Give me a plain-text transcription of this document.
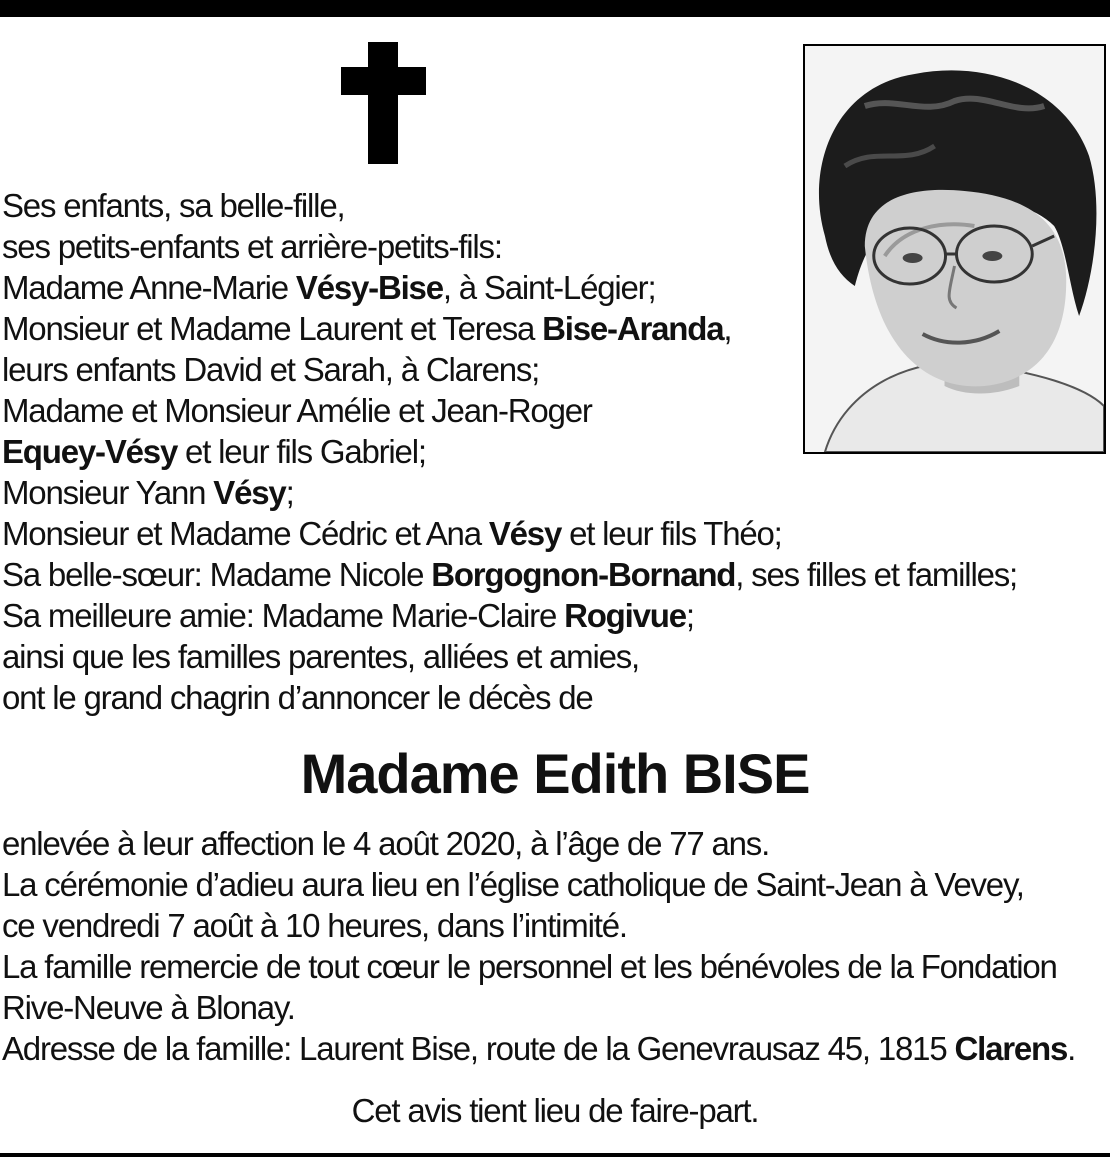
Ses enfants, sa belle-fille,
ses petits-enfants et arrière-petits-fils:
Madame Anne-Marie Vésy-Bise, à Saint-Légier;
Monsieur et Madame Laurent et Teresa Bise-Aranda,
leurs enfants David et Sarah, à Clarens;
Madame et Monsieur Amélie et Jean-Roger
Equey-Vésy et leur fils Gabriel;
Monsieur Yann Vésy;
Monsieur et Madame Cédric et Ana Vésy et leur fils Théo;
Sa belle-sœur: Madame Nicole Borgognon-Bornand, ses filles et familles;
Sa meilleure amie: Madame Marie-Claire Rogivue;
ainsi que les familles parentes, alliées et amies,
ont le grand chagrin d’annoncer le décès de
Madame Edith BISE
enlevée à leur affection le 4 août 2020, à l’âge de 77 ans.
La cérémonie d’adieu aura lieu en l’église catholique de Saint-Jean à Vevey,
ce vendredi 7 août à 10 heures, dans l’intimité.
La famille remercie de tout cœur le personnel et les bénévoles de la Fondation
Rive-Neuve à Blonay.
Adresse de la famille: Laurent Bise, route de la Genevrausaz 45, 1815 Clarens.
Cet avis tient lieu de faire-part.
